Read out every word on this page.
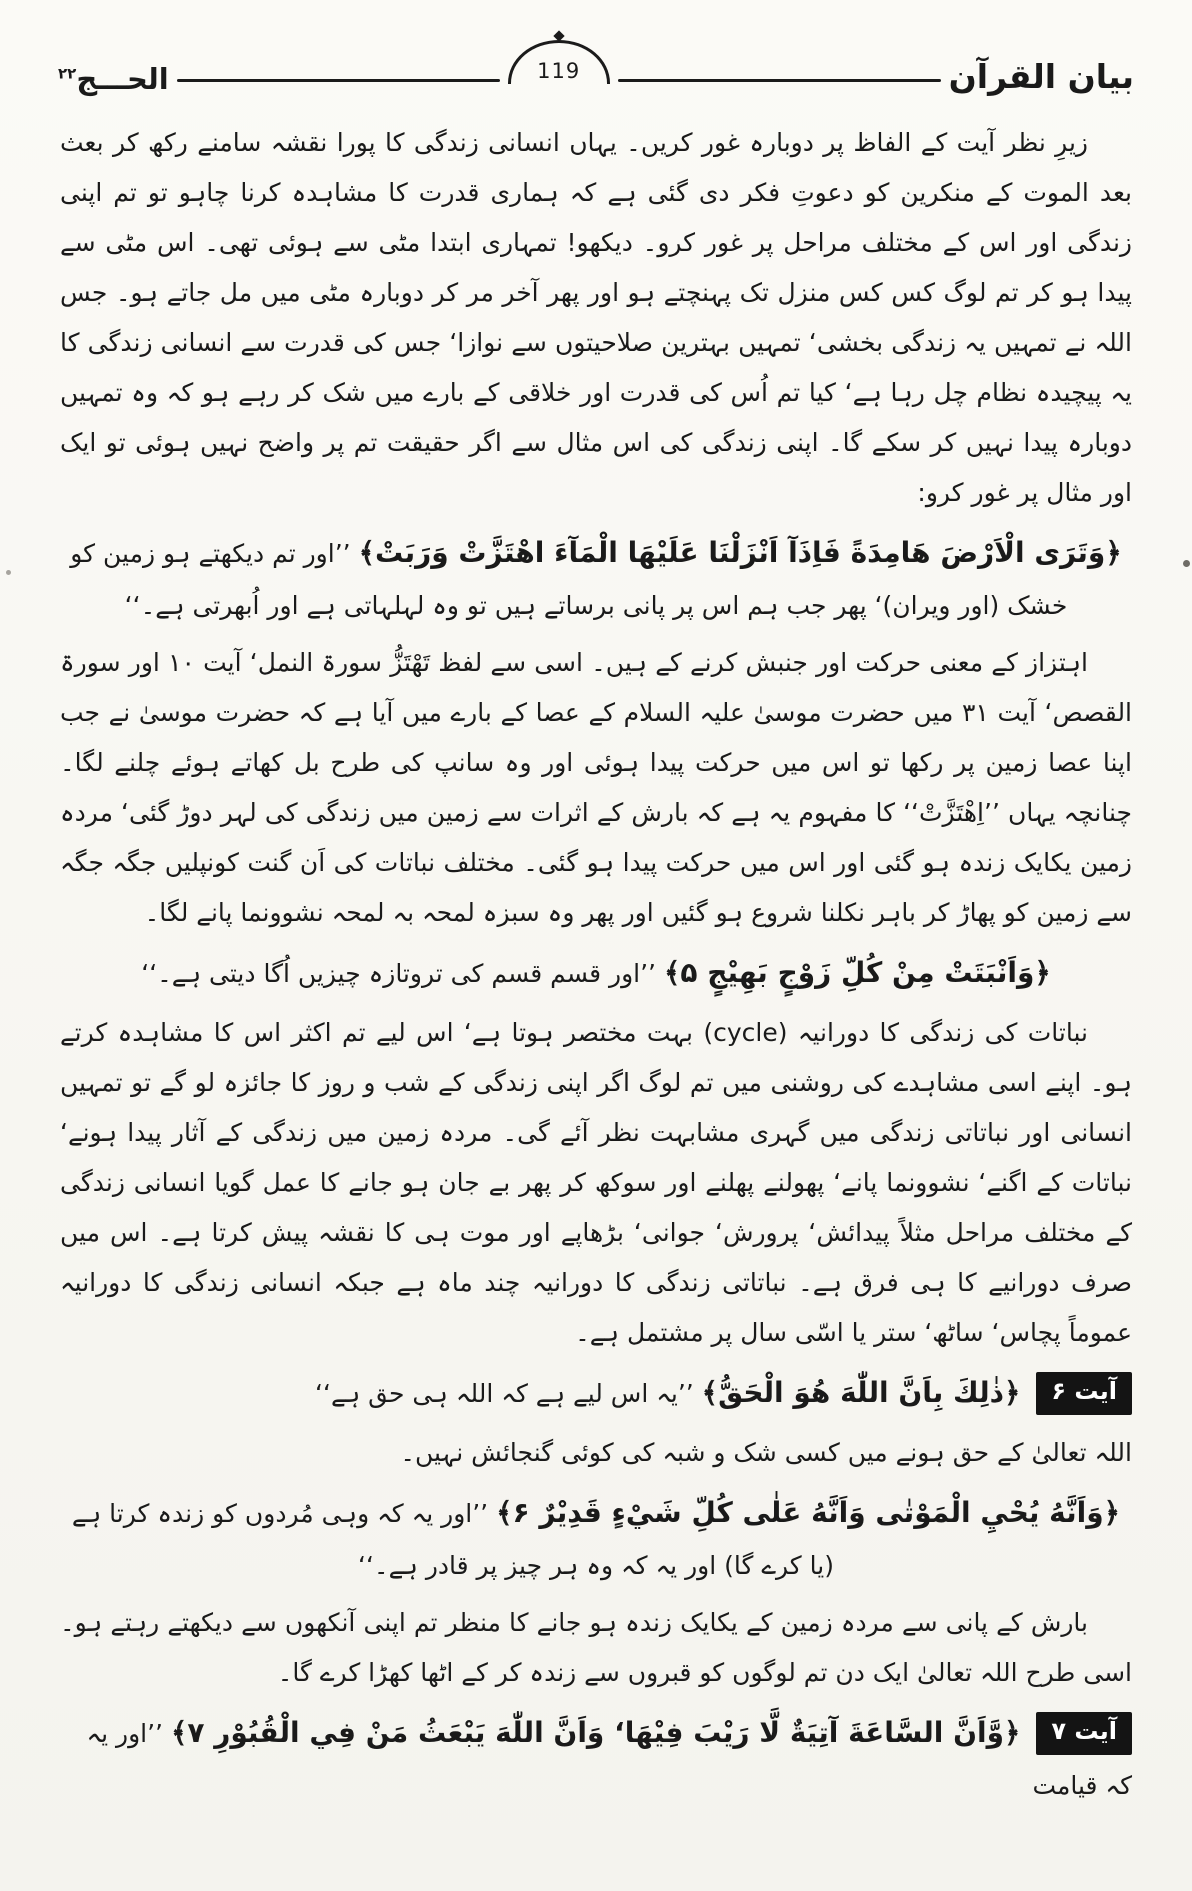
بیان القرآن
119
الحـــج$^{۲۲}$

زیرِ نظر آیت کے الفاظ پر دوبارہ غور کریں۔ یہاں انسانی زندگی کا پورا نقشہ سامنے رکھ کر بعث بعد الموت کے منکرین کو دعوتِ فکر دی گئی ہے کہ ہماری قدرت کا مشاہدہ کرنا چاہو تو تم اپنی زندگی اور اس کے مختلف مراحل پر غور کرو۔ دیکھو! تمہاری ابتدا مٹی سے ہوئی تھی۔ اس مٹی سے پیدا ہو کر تم لوگ کس کس منزل تک پہنچتے ہو اور پھر آخر مر کر دوبارہ مٹی میں مل جاتے ہو۔ جس اللہ نے تمہیں یہ زندگی بخشی‘ تمہیں بہترین صلاحیتوں سے نوازا‘ جس کی قدرت سے انسانی زندگی کا یہ پیچیدہ نظام چل رہا ہے‘ کیا تم اُس کی قدرت اور خلاقی کے بارے میں شک کر رہے ہو کہ وہ تمہیں دوبارہ پیدا نہیں کر سکے گا۔ اپنی زندگی کی اس مثال سے اگر حقیقت تم پر واضح نہیں ہوئی تو ایک اور مثال پر غور کرو:

﴿وَتَرَى الْاَرْضَ هَامِدَةً فَاِذَآ اَنْزَلْنَا عَلَيْهَا الْمَآءَ اهْتَزَّتْ وَرَبَتْ﴾ ’’اور تم دیکھتے ہو زمین کو خشک (اور ویران)‘ پھر جب ہم اس پر پانی برساتے ہیں تو وہ لہلہاتی ہے اور اُبھرتی ہے۔‘‘

اہتزاز کے معنی حرکت اور جنبش کرنے کے ہیں۔ اسی سے لفظ تَهْتَزُّ سورۃ النمل‘ آیت ۱۰ اور سورۃ القصص‘ آیت ۳۱ میں حضرت موسیٰ علیہ السلام کے عصا کے بارے میں آیا ہے کہ حضرت موسیٰ نے جب اپنا عصا زمین پر رکھا تو اس میں حرکت پیدا ہوئی اور وہ سانپ کی طرح بل کھاتے ہوئے چلنے لگا۔ چنانچہ یہاں ’’اِهْتَزَّتْ‘‘ کا مفہوم یہ ہے کہ بارش کے اثرات سے زمین میں زندگی کی لہر دوڑ گئی‘ مردہ زمین یکایک زندہ ہو گئی اور اس میں حرکت پیدا ہو گئی۔ مختلف نباتات کی اَن گنت کونپلیں جگہ جگہ سے زمین کو پھاڑ کر باہر نکلنا شروع ہو گئیں اور پھر وہ سبزہ لمحہ بہ لمحہ نشوونما پانے لگا۔

﴿وَاَنْبَتَتْ مِنْ كُلِّ زَوْجٍ بَهِيْجٍ ۵﴾ ’’اور قسم قسم کی تروتازہ چیزیں اُگا دیتی ہے۔‘‘

نباتات کی زندگی کا دورانیہ (cycle) بہت مختصر ہوتا ہے‘ اس لیے تم اکثر اس کا مشاہدہ کرتے ہو۔ اپنے اسی مشاہدے کی روشنی میں تم لوگ اگر اپنی زندگی کے شب و روز کا جائزہ لو گے تو تمہیں انسانی اور نباتاتی زندگی میں گہری مشابہت نظر آئے گی۔ مردہ زمین میں زندگی کے آثار پیدا ہونے‘ نباتات کے اگنے‘ نشوونما پانے‘ پھولنے پھلنے اور سوکھ کر پھر بے جان ہو جانے کا عمل گویا انسانی زندگی کے مختلف مراحل مثلاً پیدائش‘ پرورش‘ جوانی‘ بڑھاپے اور موت ہی کا نقشہ پیش کرتا ہے۔ اس میں صرف دورانیے کا ہی فرق ہے۔ نباتاتی زندگی کا دورانیہ چند ماہ ہے جبکہ انسانی زندگی کا دورانیہ عموماً پچاس‘ ساٹھ‘ ستر یا اسّی سال پر مشتمل ہے۔

آیت ۶ ﴿ذٰلِكَ بِاَنَّ اللّٰهَ هُوَ الْحَقُّ﴾ ’’یہ اس لیے ہے کہ اللہ ہی حق ہے‘‘

اللہ تعالیٰ کے حق ہونے میں کسی شک و شبہ کی کوئی گنجائش نہیں۔

﴿وَاَنَّهُ يُحْيِ الْمَوْتٰى وَاَنَّهُ عَلٰى كُلِّ شَيْءٍ قَدِيْرٌ ۶﴾ ’’اور یہ کہ وہی مُردوں کو زندہ کرتا ہے (یا کرے گا) اور یہ کہ وہ ہر چیز پر قادر ہے۔‘‘

بارش کے پانی سے مردہ زمین کے یکایک زندہ ہو جانے کا منظر تم اپنی آنکھوں سے دیکھتے رہتے ہو۔ اسی طرح اللہ تعالیٰ ایک دن تم لوگوں کو قبروں سے زندہ کر کے اٹھا کھڑا کرے گا۔

آیت ۷ ﴿وَّاَنَّ السَّاعَةَ آتِيَةٌ لَّا رَيْبَ فِيْهَا‘ وَاَنَّ اللّٰهَ يَبْعَثُ مَنْ فِي الْقُبُوْرِ ۷﴾ ’’اور یہ کہ قیامت
